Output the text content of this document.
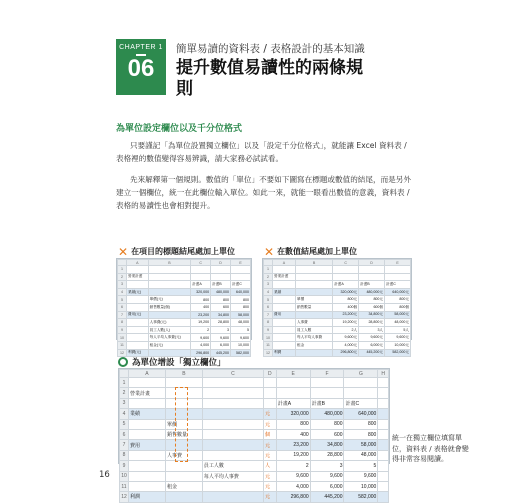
CHAPTER 1
06
簡單易讀的資料表 / 表格設計的基本知識
提升數值易讀性的兩條規則
為單位設定欄位以及千分位格式
只要謹記「為單位設置獨立欄位」以及「設定千分位格式」，就能讓 Excel 資料表 / 表格裡的數值變得容易辨識，請大家務必試試看。
先來解釋第一個規則。數值的「單位」不要如下圖寫在標題或數值的結尾，而是另外建立一個欄位，統一在此欄位輸入單位。如此一來，就能一眼看出數值的意義，資料表 / 表格的易讀性也會相對提升。
✕ 在項目的標題結尾處加上單位
	A	B	C	D	E
1					
2	營業計畫				
3			計畫A	計畫B	計畫C
4	業績(元)		320,000	480,000	640,000
5		單價(元)	800	800	800
6		銷售數量(個)	400	600	800
7	費用(元)		23,200	34,800	58,000
8		人事費(元)	19,200	28,800	48,000
9		員工人數(人)	2	3	5
10		每人平均人事費(元)	9,600	9,600	9,600
11		租金(元)	4,000	6,000	10,000
12	利潤(元)		296,800	445,200	582,000
✕ 在數值結尾處加上單位
	A	B	C	D	E
1					
2	營業計畫				
3			計畫A	計畫B	計畫C
4	業績		320,000元	480,000元	640,000元
5		單價	800元	800元	800元
6		銷售數量	400個	600個	800個
7	費用		23,200元	34,800元	58,000元
8		人事費	19,200元	28,800元	48,000元
9		員工人數	2人	3人	5人
10		每人平均人事費	9,600元	9,600元	9,600元
11		租金	4,000元	6,000元	10,000元
12	利潤		296,800元	445,200元	582,000元
為單位增設「獨立欄位」
	A	B	C	D	E	F	G	H
1								
2	營業計畫							
3					計畫A	計畫B	計畫C	
4	業績			元	320,000	480,000	640,000	
5		單價		元	800	800	800	
6		銷售數量		個	400	600	800	
7	費用			元	23,200	34,800	58,000	
8		人事費		元	19,200	28,800	48,000	
9			員工人數	人	2	3	5	
10			每人平均人事費	元	9,600	9,600	9,600	
11		租金		元	4,000	6,000	10,000	
12	利潤			元	296,800	445,200	582,000	
統一在獨立欄位填寫單位，資料表 / 表格就會變得非常容易閱讀。
16
